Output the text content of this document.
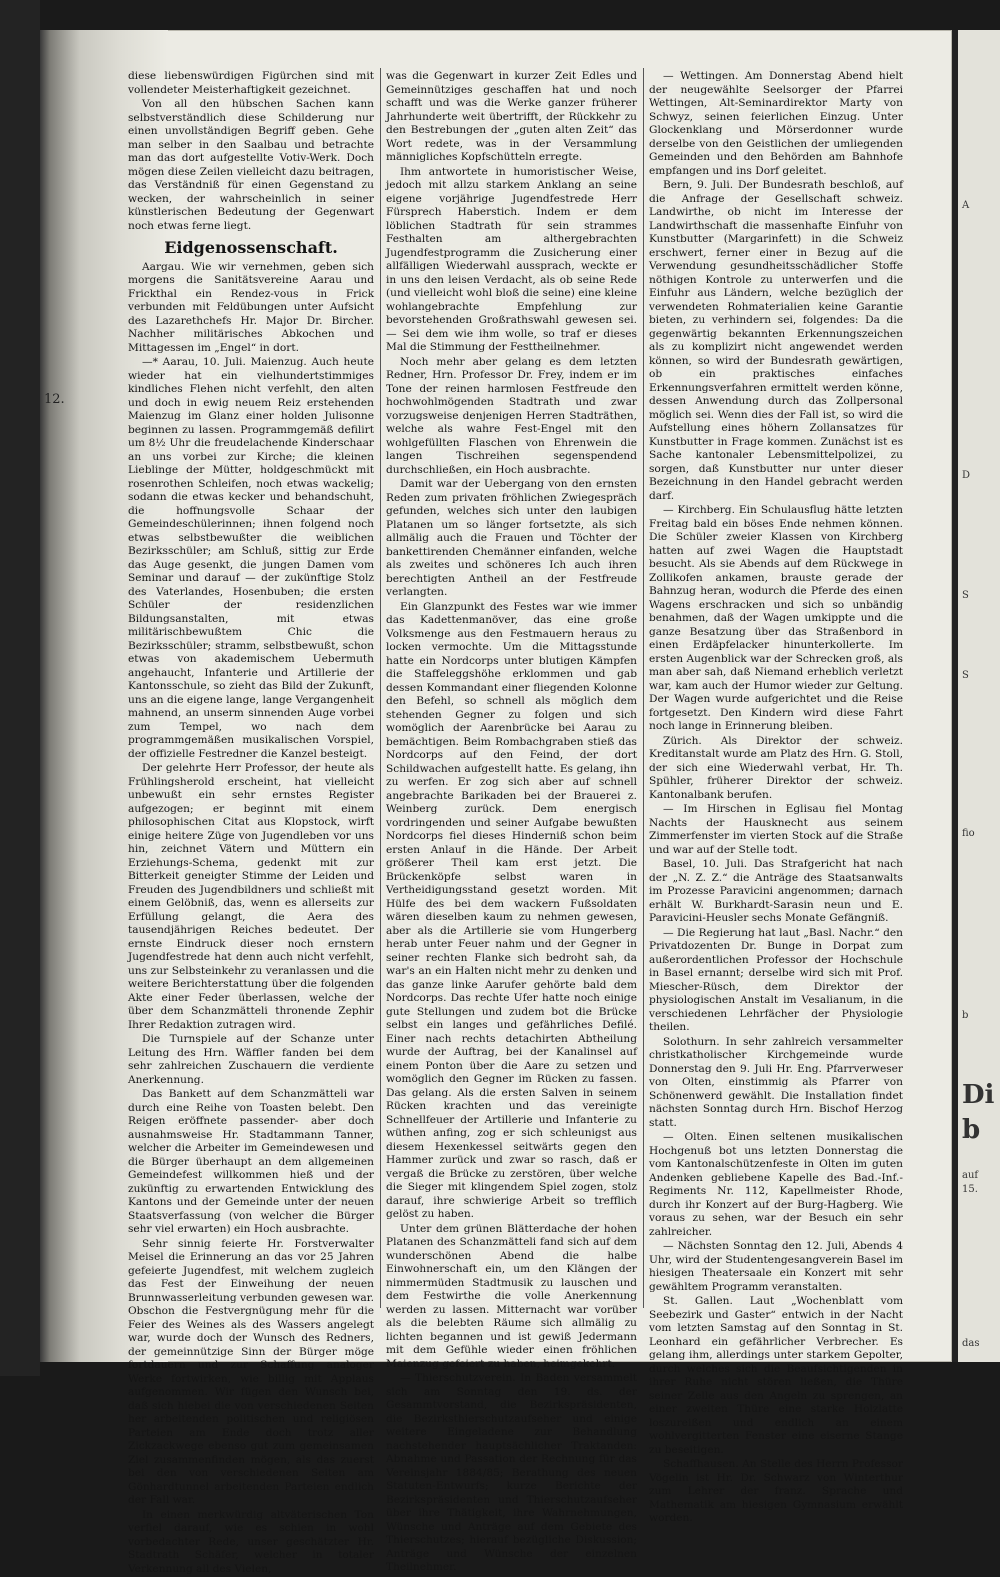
12.

diese liebenswürdigen Figürchen sind mit vollendeter Meisterhaftigkeit gezeichnet.

Von all den hübschen Sachen kann selbstverständlich diese Schilderung nur einen unvollständigen Begriff geben. Gehe man selber in den Saalbau und betrachte man das dort aufgestellte Votiv-Werk. Doch mögen diese Zeilen vielleicht dazu beitragen, das Verständniß für einen Gegenstand zu wecken, der wahrscheinlich in seiner künstlerischen Bedeutung der Gegenwart noch etwas ferne liegt.

Eidgenossenschaft.

Aargau. Wie wir vernehmen, geben sich morgens die Sanitätsvereine Aarau und Frickthal ein Rendez-vous in Frick verbunden mit Feldübungen unter Aufsicht des Lazarethchefs Hr. Major Dr. Bircher. Nachher militärisches Abkochen und Mittagessen im „Engel“ in dort.

—* Aarau, 10. Juli. Maienzug. Auch heute wieder hat ein vielhundertstimmiges kindliches Flehen nicht verfehlt, den alten und doch in ewig neuem Reiz erstehenden Maienzug im Glanz einer holden Julisonne beginnen zu lassen. Programmgemäß defilirt um 8½ Uhr die freudelachende Kinderschaar an uns vorbei zur Kirche; die kleinen Lieblinge der Mütter, holdgeschmückt mit rosenrothen Schleifen, noch etwas wackelig; sodann die etwas kecker und behandschuht, die hoffnungsvolle Schaar der Gemeindeschülerinnen; ihnen folgend noch etwas selbstbewußter die weiblichen Bezirksschüler; am Schluß, sittig zur Erde das Auge gesenkt, die jungen Damen vom Seminar und darauf — der zukünftige Stolz des Vaterlandes, Hosenbuben; die ersten Schüler der residenzlichen Bildungsanstalten, mit etwas militärischbewußtem Chic die Bezirksschüler; stramm, selbstbewußt, schon etwas von akademischem Uebermuth angehaucht, Infanterie und Artillerie der Kantonsschule, so zieht das Bild der Zukunft, uns an die eigene lange, lange Vergangenheit mahnend, an unserm sinnenden Auge vorbei zum Tempel, wo nach dem programmgemäßen musikalischen Vorspiel, der offizielle Festredner die Kanzel besteigt.

Der gelehrte Herr Professor, der heute als Frühlingsherold erscheint, hat vielleicht unbewußt ein sehr ernstes Register aufgezogen; er beginnt mit einem philosophischen Citat aus Klopstock, wirft einige heitere Züge von Jugendleben vor uns hin, zeichnet Vätern und Müttern ein Erziehungs-Schema, gedenkt mit zur Bitterkeit geneigter Stimme der Leiden und Freuden des Jugendbildners und schließt mit einem Gelöbniß, das, wenn es allerseits zur Erfüllung gelangt, die Aera des tausendjährigen Reiches bedeutet. Der ernste Eindruck dieser noch ernstern Jugendfestrede hat denn auch nicht verfehlt, uns zur Selbsteinkehr zu veranlassen und die weitere Berichterstattung über die folgenden Akte einer Feder überlassen, welche der über dem Schanzmätteli thronende Zephir Ihrer Redaktion zutragen wird.

Die Turnspiele auf der Schanze unter Leitung des Hrn. Wäffler fanden bei dem sehr zahlreichen Zuschauern die verdiente Anerkennung.

Das Bankett auf dem Schanzmätteli war durch eine Reihe von Toasten belebt. Den Reigen eröffnete passender- aber doch ausnahmsweise Hr. Stadtammann Tanner, welcher die Arbeiter im Gemeindewesen und die Bürger überhaupt an dem allgemeinen Gemeindefest willkommen hieß und der zukünftig zu erwartenden Entwicklung des Kantons und der Gemeinde unter der neuen Staatsverfassung (von welcher die Bürger sehr viel erwarten) ein Hoch ausbrachte.

Sehr sinnig feierte Hr. Forstverwalter Meisel die Erinnerung an das vor 25 Jahren gefeierte Jugendfest, mit welchem zugleich das Fest der Einweihung der neuen Brunnwasserleitung verbunden gewesen war. Obschon die Festvergnügung mehr für die Feier des Weines als des Wassers angelegt war, wurde doch der Wunsch des Redners, der gemeinnützige Sinn der Bürger möge fortdauern und zur Schaffung analoger Werke fortwirken, wie billig mit Applaus aufgenommen. Wir fügen den Wunsch bei, daß sich hiebei die von verschiedenen Seiten her arbeitenden politischen und religiösen Parteien am Ende doch trotz aller Zickzackwege ebenso gut zum gemeinsamen Ziel zusammenfinden mögen, als das zuerst bei den von verschiedenen Seiten am Gönhardtunnel arbeitenden Parteien endlich der Fall war.

In einen merkwürdig altväterischen Ton verfiel darauf, wie es schien in wohl vorbedachter Rede, unser geschätzter Hr. Stadtrath Schäfer, welcher in totaler Verkennung all des Vielen,

was die Gegenwart in kurzer Zeit Edles und Gemeinnütziges geschaffen hat und noch schafft und was die Werke ganzer früherer Jahrhunderte weit übertrifft, der Rückkehr zu den Bestrebungen der „guten alten Zeit“ das Wort redete, was in der Versammlung männigliches Kopfschütteln erregte.

Ihm antwortete in humoristischer Weise, jedoch mit allzu starkem Anklang an seine eigene vorjährige Jugendfestrede Herr Fürsprech Haberstich. Indem er dem löblichen Stadtrath für sein strammes Festhalten am althergebrachten Jugendfestprogramm die Zusicherung einer allfälligen Wiederwahl aussprach, weckte er in uns den leisen Verdacht, als ob seine Rede (und vielleicht wohl bloß die seine) eine kleine wohlangebrachte Empfehlung zur bevorstehenden Großrathswahl gewesen sei. — Sei dem wie ihm wolle, so traf er dieses Mal die Stimmung der Festtheilnehmer.

Noch mehr aber gelang es dem letzten Redner, Hrn. Professor Dr. Frey, indem er im Tone der reinen harmlosen Festfreude den hochwohlmögenden Stadtrath und zwar vorzugsweise denjenigen Herren Stadträthen, welche als wahre Fest-Engel mit den wohlgefüllten Flaschen von Ehrenwein die langen Tischreihen segenspendend durchschließen, ein Hoch ausbrachte.

Damit war der Uebergang von den ernsten Reden zum privaten fröhlichen Zwiegespräch gefunden, welches sich unter den laubigen Platanen um so länger fortsetzte, als sich allmälig auch die Frauen und Töchter der bankettirenden Chemänner einfanden, welche als zweites und schöneres Ich auch ihren berechtigten Antheil an der Festfreude verlangten.

Ein Glanzpunkt des Festes war wie immer das Kadettenmanöver, das eine große Volksmenge aus den Festmauern heraus zu locken vermochte. Um die Mittagsstunde hatte ein Nordcorps unter blutigen Kämpfen die Staffeleggshöhe erklommen und gab dessen Kommandant einer fliegenden Kolonne den Befehl, so schnell als möglich dem stehenden Gegner zu folgen und sich womöglich der Aarenbrücke bei Aarau zu bemächtigen. Beim Rombachgraben stieß das Nordcorps auf den Feind, der dort Schildwachen aufgestellt hatte. Es gelang, ihn zu werfen. Er zog sich aber auf schnell angebrachte Barikaden bei der Brauerei z. Weinberg zurück. Dem energisch vordringenden und seiner Aufgabe bewußten Nordcorps fiel dieses Hinderniß schon beim ersten Anlauf in die Hände. Der Arbeit größerer Theil kam erst jetzt. Die Brückenköpfe selbst waren in Vertheidigungsstand gesetzt worden. Mit Hülfe des bei dem wackern Fußsoldaten wären dieselben kaum zu nehmen gewesen, aber als die Artillerie sie vom Hungerberg herab unter Feuer nahm und der Gegner in seiner rechten Flanke sich bedroht sah, da war's an ein Halten nicht mehr zu denken und das ganze linke Aarufer gehörte bald dem Nordcorps. Das rechte Ufer hatte noch einige gute Stellungen und zudem bot die Brücke selbst ein langes und gefährliches Defilé. Einer nach rechts detachirten Abtheilung wurde der Auftrag, bei der Kanalinsel auf einem Ponton über die Aare zu setzen und womöglich den Gegner im Rücken zu fassen. Das gelang. Als die ersten Salven in seinem Rücken krachten und das vereinigte Schnellfeuer der Artillerie und Infanterie zu wüthen anfing, zog er sich schleunigst aus diesem Hexenkessel seitwärts gegen den Hammer zurück und zwar so rasch, daß er vergaß die Brücke zu zerstören, über welche die Sieger mit klingendem Spiel zogen, stolz darauf, ihre schwierige Arbeit so trefflich gelöst zu haben.

Unter dem grünen Blätterdache der hohen Platanen des Schanzmätteli fand sich auf dem wunderschönen Abend die halbe Einwohnerschaft ein, um den Klängen der nimmermüden Stadtmusik zu lauschen und dem Festwirthe die volle Anerkennung werden zu lassen. Mitternacht war vorüber als die belebten Räume sich allmälig zu lichten begannen und ist gewiß Jedermann mit dem Gefühle wieder einen fröhlichen Maienzug gefeiert zu haben, heimgekehrt.

— Thierschutzverein. In Baden versammelt sich am Sonntag den 19. ds. der Gesammtvorstand, die Bezirkspräsidenten, die Bezirksthierschutzaufseher und einige weitere Eingeladene zur Behandlung nachstehender hauptsächlicher Traktanden: Abnahme und Passation der Rechnung für das Vereinsjahr 1884/85; Berathung des neuen Statuten-Entwurfs; kurze Berichte der Bezirkspräsidenten und Thierschutzaufseher über ihre Thätigkeit, ihre Wahrnehmungen, Wünsche und Anträge auf dem Gebiete des Thierschutzes; hierauf bezügliche Diskussion; Anträge und Wünsche der einzelnen Theilnehmer.

— Wettingen. Am Donnerstag Abend hielt der neugewählte Seelsorger der Pfarrei Wettingen, Alt-Seminardirektor Marty von Schwyz, seinen feierlichen Einzug. Unter Glockenklang und Mörserdonner wurde derselbe von den Geistlichen der umliegenden Gemeinden und den Behörden am Bahnhofe empfangen und ins Dorf geleitet.

Bern, 9. Juli. Der Bundesrath beschloß, auf die Anfrage der Gesellschaft schweiz. Landwirthe, ob nicht im Interesse der Landwirthschaft die massenhafte Einfuhr von Kunstbutter (Margarinfett) in die Schweiz erschwert, ferner einer in Bezug auf die Verwendung gesundheitsschädlicher Stoffe nöthigen Kontrole zu unterwerfen und die Einfuhr aus Ländern, welche bezüglich der verwendeten Rohmaterialien keine Garantie bieten, zu verhindern sei, folgendes: Da die gegenwärtig bekannten Erkennungszeichen als zu komplizirt nicht angewendet werden können, so wird der Bundesrath gewärtigen, ob ein praktisches einfaches Erkennungsverfahren ermittelt werden könne, dessen Anwendung durch das Zollpersonal möglich sei. Wenn dies der Fall ist, so wird die Aufstellung eines höhern Zollansatzes für Kunstbutter in Frage kommen. Zunächst ist es Sache kantonaler Lebensmittelpolizei, zu sorgen, daß Kunstbutter nur unter dieser Bezeichnung in den Handel gebracht werden darf.

— Kirchberg. Ein Schulausflug hätte letzten Freitag bald ein böses Ende nehmen können. Die Schüler zweier Klassen von Kirchberg hatten auf zwei Wagen die Hauptstadt besucht. Als sie Abends auf dem Rückwege in Zollikofen ankamen, brauste gerade der Bahnzug heran, wodurch die Pferde des einen Wagens erschracken und sich so unbändig benahmen, daß der Wagen umkippte und die ganze Besatzung über das Straßenbord in einen Erdäpfelacker hinunterkollerte. Im ersten Augenblick war der Schrecken groß, als man aber sah, daß Niemand erheblich verletzt war, kam auch der Humor wieder zur Geltung. Der Wagen wurde aufgerichtet und die Reise fortgesetzt. Den Kindern wird diese Fahrt noch lange in Erinnerung bleiben.

Zürich. Als Direktor der schweiz. Kreditanstalt wurde am Platz des Hrn. G. Stoll, der sich eine Wiederwahl verbat, Hr. Th. Spühler, früherer Direktor der schweiz. Kantonalbank berufen.

— Im Hirschen in Eglisau fiel Montag Nachts der Hausknecht aus seinem Zimmerfenster im vierten Stock auf die Straße und war auf der Stelle todt.

Basel, 10. Juli. Das Strafgericht hat nach der „N. Z. Z.“ die Anträge des Staatsanwalts im Prozesse Paravicini angenommen; darnach erhält W. Burkhardt-Sarasin neun und E. Paravicini-Heusler sechs Monate Gefängniß.

— Die Regierung hat laut „Basl. Nachr.“ den Privatdozenten Dr. Bunge in Dorpat zum außerordentlichen Professor der Hochschule in Basel ernannt; derselbe wird sich mit Prof. Miescher-Rüsch, dem Direktor der physiologischen Anstalt im Vesalianum, in die verschiedenen Lehrfächer der Physiologie theilen.

Solothurn. In sehr zahlreich versammelter christkatholischer Kirchgemeinde wurde Donnerstag den 9. Juli Hr. Eng. Pfarrverweser von Olten, einstimmig als Pfarrer von Schönenwerd gewählt. Die Installation findet nächsten Sonntag durch Hrn. Bischof Herzog statt.

— Olten. Einen seltenen musikalischen Hochgenuß bot uns letzten Donnerstag die vom Kantonalschützenfeste in Olten im guten Andenken gebliebene Kapelle des Bad.-Inf.-Regiments Nr. 112, Kapellmeister Rhode, durch ihr Konzert auf der Burg-Hagberg. Wie voraus zu sehen, war der Besuch ein sehr zahlreicher.

— Nächsten Sonntag den 12. Juli, Abends 4 Uhr, wird der Studentengesangverein Basel im hiesigen Theatersaale ein Konzert mit sehr gewähltem Programm veranstalten.

St. Gallen. Laut „Wochenblatt vom Seebezirk und Gaster“ entwich in der Nacht vom letzten Samstag auf den Sonntag in St. Leonhard ein gefährlicher Verbrecher. Es gelang ihm, allerdings unter starkem Gepolter, durch welches sich die Beaufsichtigenden in ihrer Ruhe nicht stören ließen, die Thüre seiner Zelle aus den Angeln zu sprengen, an einer zweiten Thüre eine starke Holzlatte loszureißen und endlich an einem wohlvergitterten Fenster eine eiserne Stange zu beseitigen.

Schaffhausen. An Stelle des Herrn Professor Vögelin ist Hr. Dr. Schwarz von Winterthur zum Lehrer der franz. Sprache und Mathematik am hiesigen Gymnasium erwählt worden.

A
D
S
S
fio
b
Di
b
auf
15.
das
